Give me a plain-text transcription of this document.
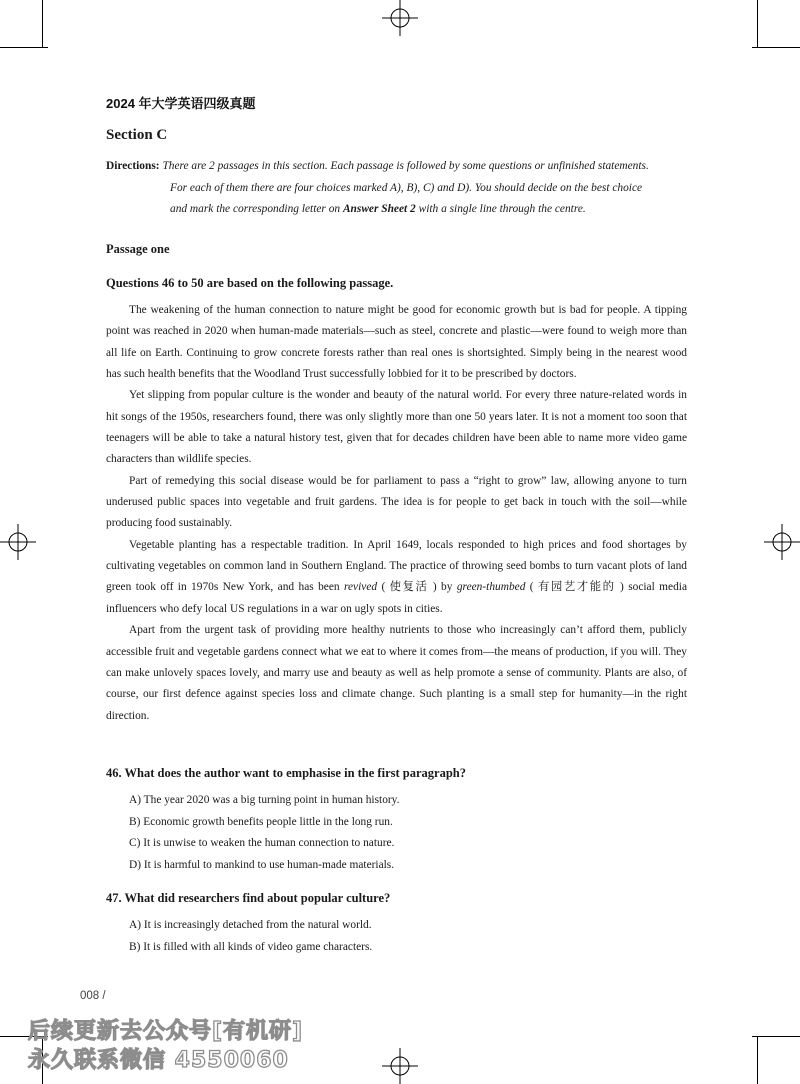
2024 年大学英语四级真题
Section C
Directions: There are 2 passages in this section. Each passage is followed by some questions or unfinished statements.
For each of them there are four choices marked A), B), C) and D). You should decide on the best choice
and mark the corresponding letter on Answer Sheet 2 with a single line through the centre.
Passage one
Questions 46 to 50 are based on the following passage.

The weakening of the human connection to nature might be good for economic growth but is bad for people. A tipping point was reached in 2020 when human-made materials—such as steel, concrete and plastic—were found to weigh more than all life on Earth. Continuing to grow concrete forests rather than real ones is shortsighted. Simply being in the nearest wood has such health benefits that the Woodland Trust successfully lobbied for it to be prescribed by doctors.

Yet slipping from popular culture is the wonder and beauty of the natural world. For every three nature-related words in hit songs of the 1950s, researchers found, there was only slightly more than one 50 years later. It is not a moment too soon that teenagers will be able to take a natural history test, given that for decades children have been able to name more video game characters than wildlife species.

Part of remedying this social disease would be for parliament to pass a “right to grow” law, allowing anyone to turn underused public spaces into vegetable and fruit gardens. The idea is for people to get back in touch with the soil—while producing food sustainably.

Vegetable planting has a respectable tradition. In April 1649, locals responded to high prices and food shortages by cultivating vegetables on common land in Southern England. The practice of throwing seed bombs to turn vacant plots of land green took off in 1970s New York, and has been revived ( 使复活 ) by green-thumbed ( 有园艺才能的 ) social media influencers who defy local US regulations in a war on ugly spots in cities.

Apart from the urgent task of providing more healthy nutrients to those who increasingly can’t afford them, publicly accessible fruit and vegetable gardens connect what we eat to where it comes from—the means of production, if you will. They can make unlovely spaces lovely, and marry use and beauty as well as help promote a sense of community. Plants are also, of course, our first defence against species loss and climate change. Such planting is a small step for humanity—in the right direction.

46. What does the author want to emphasise in the first paragraph?
A) The year 2020 was a big turning point in human history.
B) Economic growth benefits people little in the long run.
C) It is unwise to weaken the human connection to nature.
D) It is harmful to mankind to use human-made materials.
47. What did researchers find about popular culture?
A) It is increasingly detached from the natural world.
B) It is filled with all kinds of video game characters.
008 /
后续更新去公众号[有机研]
永久联系微信 4550060
